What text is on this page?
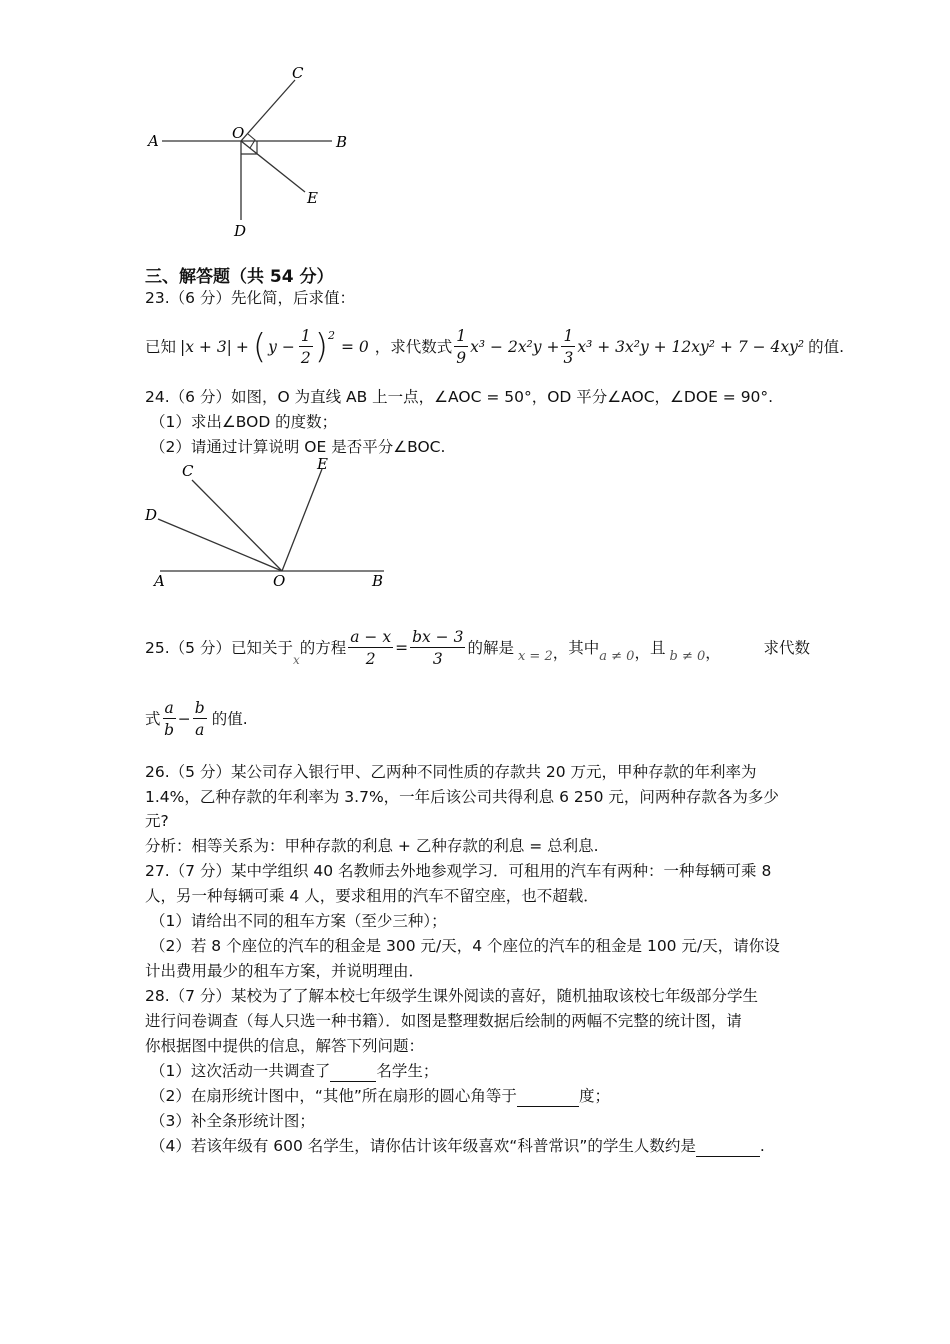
A	O
C
B
E
D
三、解答题（共 54 分）
23.（6 分）先化简，后求值：
已知 |x + 3| + ( $y - \frac{1}{2} )^2$
= 0 ，求代数式 $\frac{1}{9} x^3 - 2x^2y + \frac{1}{3} x^3 + 3x^2y + 12xy^2 + 7 - 4xy^2$ 的值.
24.（6 分）如图，O 为直线 AB 上一点，∠AOC = 50°，OD 平分∠AOC，∠DOE = 90°.
（1）求出∠BOD 的度数；
（2）请通过计算说明 OE 是否平分∠BOC.
C	E
D
A	O	B
25.（5 分）已知关于
x
的方程 $\frac{a - x}{2} = \frac{bx - 3}{3}$ 的解是 x = 2 ， 其中 a ≠ 0 ， 且 b ≠ 0 ，	求代数
式 $\frac{a}{b} - \frac{b}{a}$ 的值.
26.（5 分）某公司存入银行甲、乙两种不同性质的存款共 20 万元，甲种存款的年利率为
1.4%，乙种存款的年利率为 3.7%，一年后该公司共得利息 6 250 元，问两种存款各为多少
元?
分析：相等关系为：甲种存款的利息 + 乙种存款的利息 = 总利息.
27.（7 分）某中学组织 40 名教师去外地参观学习．可租用的汽车有两种：一种每辆可乘 8
人，另一种每辆可乘 4 人，要求租用的汽车不留空座，也不超载．
（1）请给出不同的租车方案（至少三种）；
（2）若 8 个座位的汽车的租金是 300 元/天，4 个座位的汽车的租金是 100 元/天，请你设
计出费用最少的租车方案，并说明理由．
28.（7 分）某校为了了解本校七年级学生课外阅读的喜好，随机抽取该校七年级部分学生
进行问卷调查（每人只选一种书籍）．如图是整理数据后绘制的两幅不完整的统计图，请
你根据图中提供的信息，解答下列问题：
（1）这次活动一共调查了	名学生；
（2）在扇形统计图中，“其他”所在扇形的圆心角等于	度；
（3）补全条形统计图；
（4）若该年级有 600 名学生，请你估计该年级喜欢“科普常识”的学生人数约是	.
